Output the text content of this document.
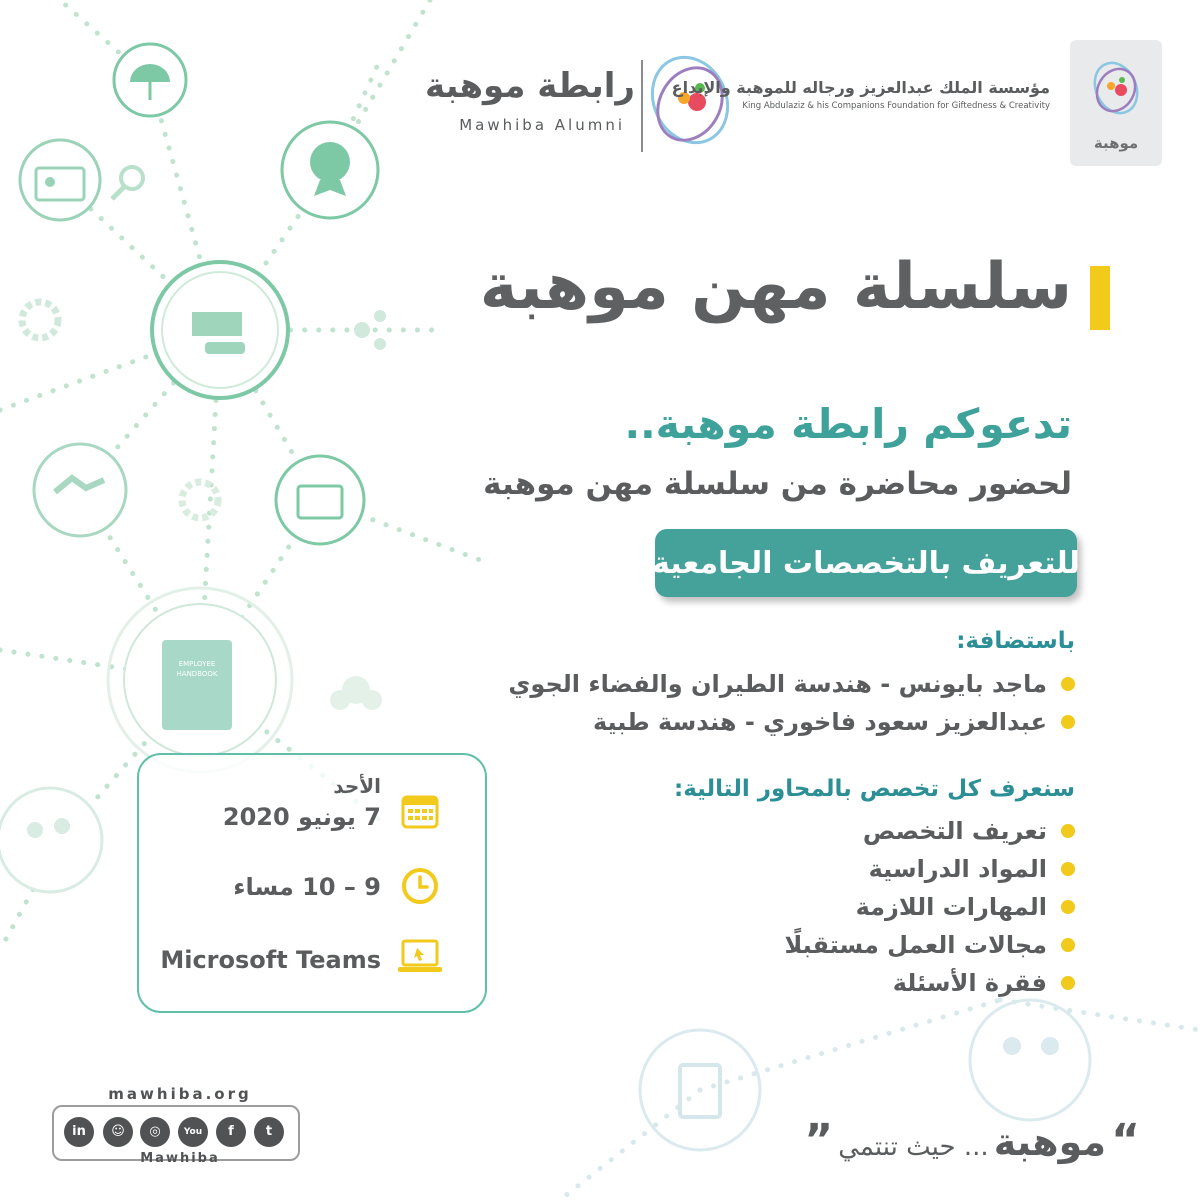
EMPLOYEE
HANDBOOK
موهبة
مؤسسة الملك عبدالعزيز ورجاله للموهبة والإبداع
King Abdulaziz & his Companions Foundation for Giftedness & Creativity
رابطة موهبة
Mawhiba Alumni
سلسلة مهن موهبة
تدعوكم رابطة موهبة..
لحضور محاضرة من سلسلة مهن موهبة
للتعريف بالتخصصات الجامعية
باستضافة:
ماجد بايونس - هندسة الطيران والفضاء الجوي
عبدالعزيز سعود فاخوري - هندسة طبية
سنعرف كل تخصص بالمحاور التالية:
تعريف التخصص
المواد الدراسية
المهارات اللازمة
مجالات العمل مستقبلًا
فقرة الأسئلة
الأحد
7 يونيو 2020
9 – 10 مساء
Microsoft Teams
mawhiba.org
in	☺	◎	You	f	t
Mawhiba	“ موهبة ... حيث تنتمي ”
